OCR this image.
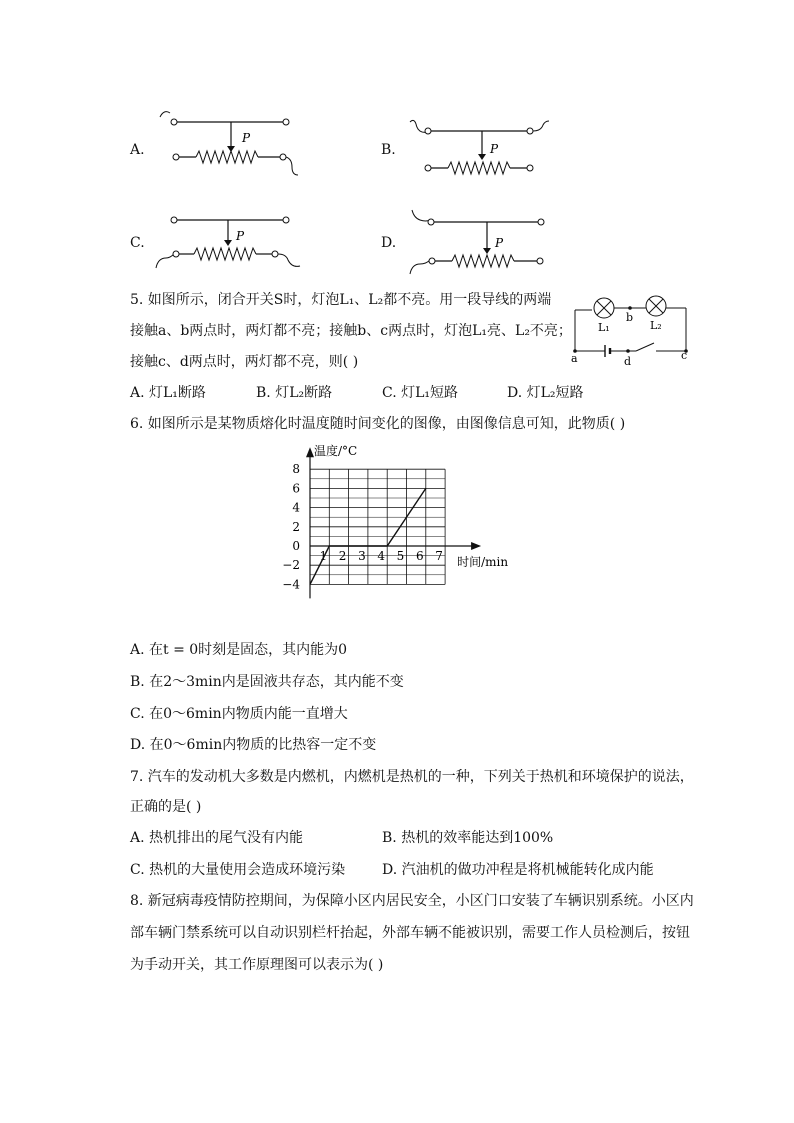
A.
P
B.	P
C.	P	D.	P
5. 如图所示，闭合开关S时，灯泡L₁、L₂都不亮。用一段导线的两端
接触a、b两点时，两灯都不亮；接触b、c两点时，灯泡L₁亮、L₂不亮；
接触c、d两点时，两灯都不亮，则( )
L₁	L₂
b
a	d	c
A. 灯L₁断路	B. 灯L₂断路	C. 灯L₁短路	D. 灯L₂短路
6. 如图所示是某物质熔化时温度随时间变化的图像，由图像信息可知，此物质( )
8
6
4
2
0
−2
−4
1 2 3 4 5 6 7
温度/°C
时间/min
A. 在t = 0时刻是固态，其内能为0
B. 在2～3min内是固液共存态，其内能不变
C. 在0～6min内物质内能一直增大
D. 在0～6min内物质的比热容一定不变
7. 汽车的发动机大多数是内燃机，内燃机是热机的一种，下列关于热机和环境保护的说法，
正确的是( )
A. 热机排出的尾气没有内能	B. 热机的效率能达到100%
C. 热机的大量使用会造成环境污染	D. 汽油机的做功冲程是将机械能转化成内能
8. 新冠病毒疫情防控期间，为保障小区内居民安全，小区门口安装了车辆识别系统。小区内
部车辆门禁系统可以自动识别栏杆抬起，外部车辆不能被识别，需要工作人员检测后，按钮
为手动开关，其工作原理图可以表示为( )
